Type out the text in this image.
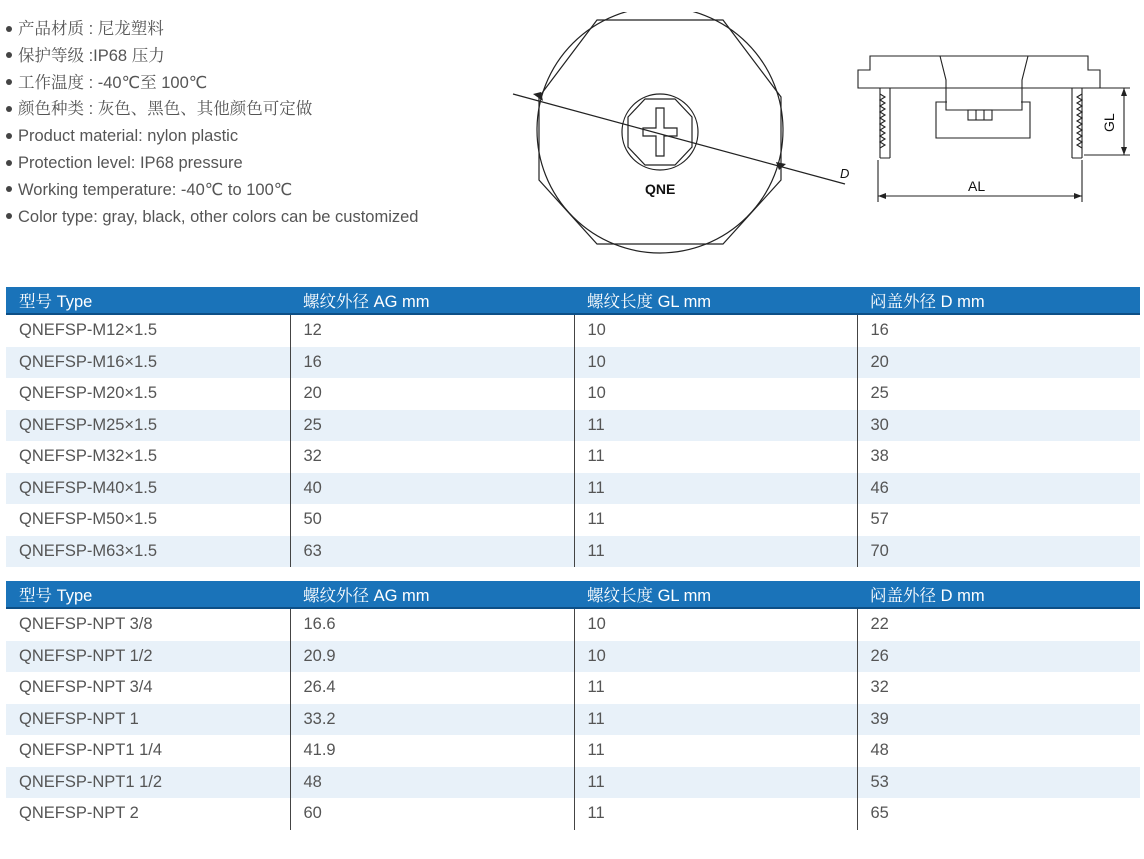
产品材质 : 尼龙塑料
保护等级 :IP68 压力
工作温度 : -40℃至 100℃
颜色种类 : 灰色、黑色、其他颜色可定做
Product material: nylon plastic
Protection level: IP68 pressure
Working temperature: -40℃ to 100℃
Color type: gray, black, other colors can be customized
QNE
D
AL
GL
型号 Type	螺纹外径 AG mm	螺纹长度 GL mm	闷盖外径 D mm
QNEFSP-M12×1.5	12	10	16
QNEFSP-M16×1.5	16	10	20
QNEFSP-M20×1.5	20	10	25
QNEFSP-M25×1.5	25	11	30
QNEFSP-M32×1.5	32	11	38
QNEFSP-M40×1.5	40	11	46
QNEFSP-M50×1.5	50	11	57
QNEFSP-M63×1.5	63	11	70
型号 Type	螺纹外径 AG mm	螺纹长度 GL mm	闷盖外径 D mm
QNEFSP-NPT 3/8	16.6	10	22
QNEFSP-NPT 1/2	20.9	10	26
QNEFSP-NPT 3/4	26.4	11	32
QNEFSP-NPT 1	33.2	11	39
QNEFSP-NPT1 1/4	41.9	11	48
QNEFSP-NPT1 1/2	48	11	53
QNEFSP-NPT 2	60	11	65
